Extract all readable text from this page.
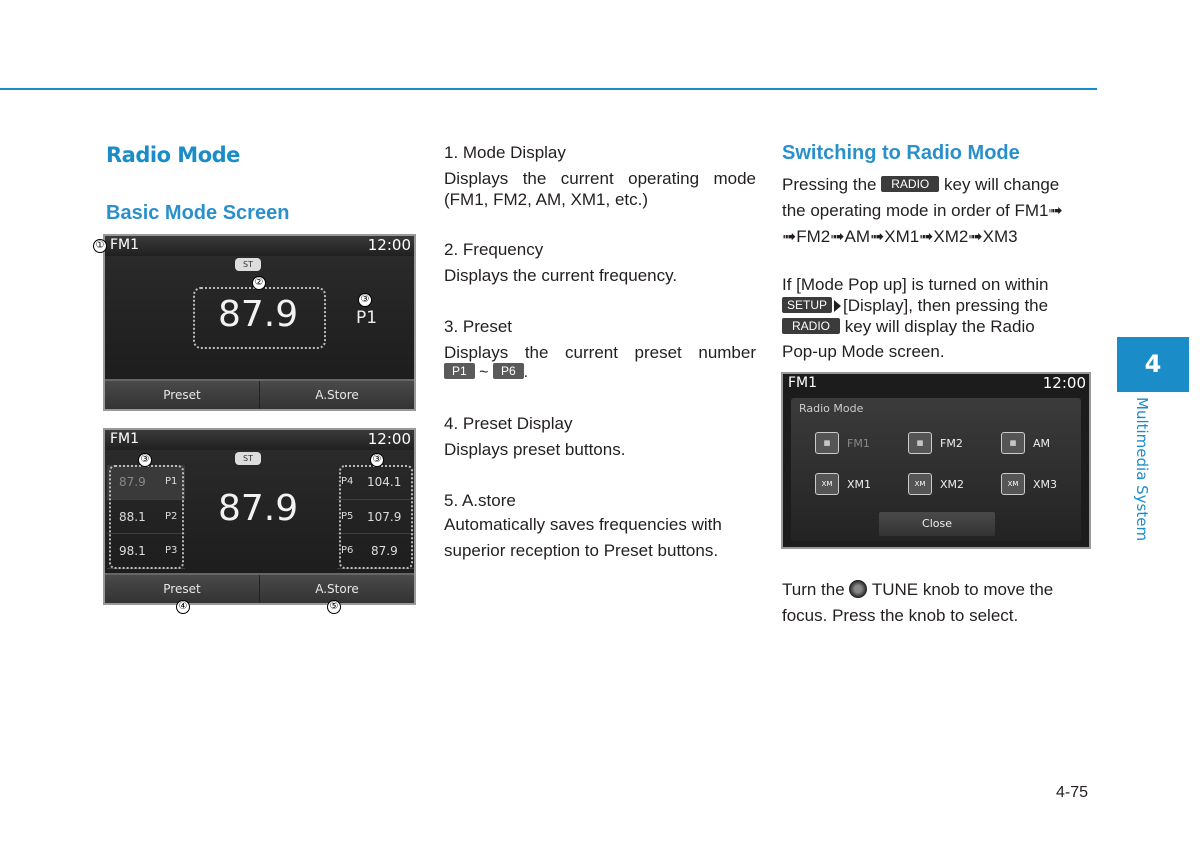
Radio Mode
Basic Mode Screen
FM1	12:00
ST
87.9	P1
Preset	A.Store
①
②
③
FM1	12:00
ST
87.9
87.9 P1
88.1 P2
98.1 P3
P4 104.1
P5 107.9
P6 87.9
Preset	A.Store
③	③
④	⑤
1. Mode Display
Displays the current operating mode (FM1, FM2, AM, XM1, etc.)
2. Frequency
Displays the current frequency.
3. Preset
Displays the current preset number
P1 ~ P6 .
4. Preset Display
Displays preset buttons.
5. A.store
Automatically saves frequencies with superior reception to Preset buttons.
Switching to Radio Mode

Pressing the RADIO key will change

the operating mode in order of FM1➟

➟FM2➟AM➟XM1➟XM2➟XM3

If [Mode Pop up] is turned on within

SETUP [Display], then pressing the

RADIO key will display the Radio

Pop-up Mode screen.

FM1	12:00
Radio Mode
▦	FM1	▦	FM2	▦	AM
XM	XM1	XM	XM2	XM	XM3
Close

Turn the TUNE knob to move the

focus. Press the knob to select.

4
Multimedia System
4-75
